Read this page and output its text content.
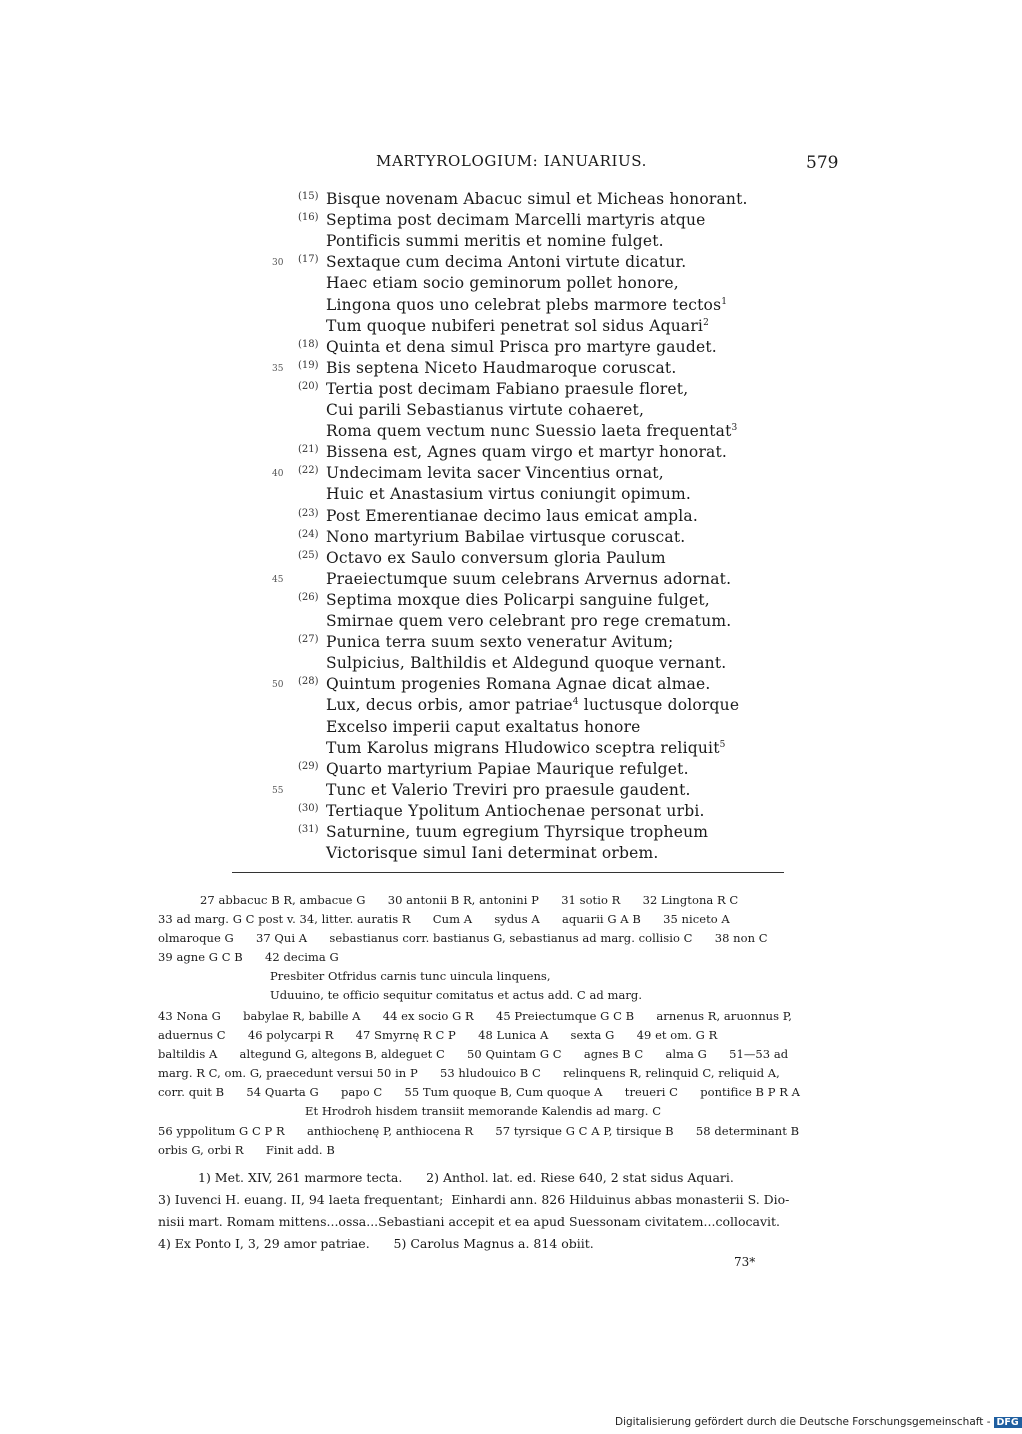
MARTYROLOGIUM: IANUARIUS.	579
(15) Bisque novenam Abacuc simul et Micheas honorant.
(16) Septima post decimam Marcelli martyris atque
Pontificis summi meritis et nomine fulget.
30 (17) Sextaque cum decima Antoni virtute dicatur.
Haec etiam socio geminorum pollet honore,
Lingona quos uno celebrat plebs marmore tectos$^1$
Tum quoque nubiferi penetrat sol sidus Aquari$^2$
(18) Quinta et dena simul Prisca pro martyre gaudet.
35 (19) Bis septena Niceto Haudmaroque coruscat.
(20) Tertia post decimam Fabiano praesule floret,
Cui parili Sebastianus virtute cohaeret,
Roma quem vectum nunc Suessio laeta frequentat$^3$
(21) Bissena est, Agnes quam virgo et martyr honorat.
40 (22) Undecimam levita sacer Vincentius ornat,
Huic et Anastasium virtus coniungit opimum.
(23) Post Emerentianae decimo laus emicat ampla.
(24) Nono martyrium Babilae virtusque coruscat.
(25) Octavo ex Saulo conversum gloria Paulum
45	Praeiectumque suum celebrans Arvernus adornat.
(26) Septima moxque dies Policarpi sanguine fulget,
Smirnae quem vero celebrant pro rege crematum.
(27) Punica terra suum sexto veneratur Avitum;
Sulpicius, Balthildis et Aldegund quoque vernant.
50 (28) Quintum progenies Romana Agnae dicat almae.
Lux, decus orbis, amor patriae$^4$ luctusque dolorque
Excelso imperii caput exaltatus honore
Tum Karolus migrans Hludowico sceptra reliquit$^5$
(29) Quarto martyrium Papiae Maurique refulget.
55	Tunc et Valerio Treviri pro praesule gaudent.
(30) Tertiaque Ypolitum Antiochenae personat urbi.
(31) Saturnine, tuum egregium Thyrsique tropheum
Victorisque simul Iani determinat orbem.
27 abbacuc B R, ambacue G      30 antonii B R, antonini P      31 sotio R      32 Lingtona R C
33 ad marg. G C post v. 34, litter. auratis R      Cum A      sydus A      aquarii G A B      35 niceto A
olmaroque G      37 Qui A      sebastianus corr. bastianus G, sebastianus ad marg. collisio C      38 non C
39 agne G C B      42 decima G
Presbiter Otfridus carnis tunc uincula linquens,
Uduuino, te officio sequitur comitatus et actus add. C ad marg.
43 Nona G      babylae R, babille A      44 ex socio G R      45 Preiectumque G C B      arnenus R, aruonnus P,
aduernus C      46 polycarpi R      47 Smyrnę R C P      48 Lunica A      sexta G      49 et om. G R
baltildis A      altegund G, altegons B, aldeguet C      50 Quintam G C      agnes B C      alma G      51—53 ad
marg. R C, om. G, praecedunt versui 50 in P      53 hludouico B C      relinquens R, relinquid C, reliquid A,
corr. quit B      54 Quarta G      papo C      55 Tum quoque B, Cum quoque A      treueri C      pontifice B P R A
Et Hrodroh hisdem transiit memorande Kalendis ad marg. C
56 yppolitum G C P R      anthiochenę P, anthiocena R      57 tyrsique G C A P, tirsique B      58 determinant B
orbis G, orbi R      Finit add. B
1) Met. XIV, 261 marmore tecta.      2) Anthol. lat. ed. Riese 640, 2 stat sidus Aquari.
3) Iuvenci H. euang. II, 94 laeta frequentant;  Einhardi ann. 826 Hilduinus abbas monasterii S. Dio-
nisii mart. Romam mittens...ossa...Sebastiani accepit et ea apud Suessonam civitatem...collocavit.
4) Ex Ponto I, 3, 29 amor patriae.      5) Carolus Magnus a. 814 obiit.
73*
Digitalisierung gefördert durch die Deutsche Forschungsgemeinschaft - DFG
